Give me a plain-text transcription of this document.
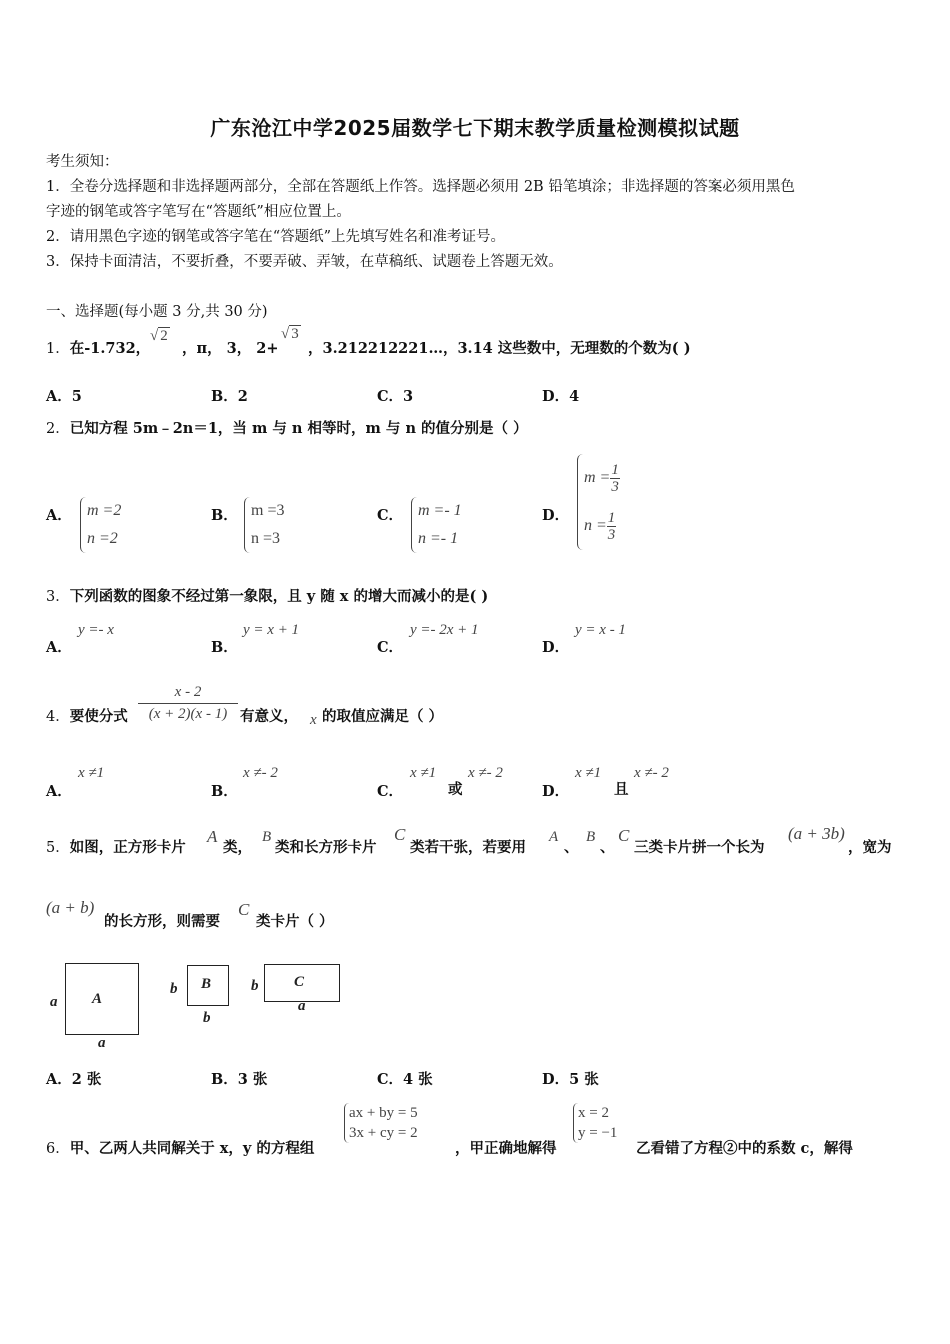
广东沧江中学2025届数学七下期末教学质量检测模拟试题
考生须知：
1．全卷分选择题和非选择题两部分，全部在答题纸上作答。选择题必须用 2B 铅笔填涂；非选择题的答案必须用黑色
字迹的钢笔或答字笔写在“答题纸”相应位置上。
2．请用黑色字迹的钢笔或答字笔在“答题纸”上先填写姓名和准考证号。
3．保持卡面清洁，不要折叠，不要弄破、弄皱，在草稿纸、试题卷上答题无效。
一、选择题(每小题 3 分,共 30 分)
1．在-1.732，
√ 2
，π， 3， 2+
√ 3
，3.212212221…，3.14 这些数中，无理数的个数为( )
A．5	B．2	C．3	D．4
2．已知方程 5m﹣2n＝1，当 m 与 n 相等时，m 与 n 的值分别是（ ）
A． m =2
n =2
B． m =3
n =3
C． m =- 1
n =- 1
D．
$m = \frac{1}{3}$
$n = \frac{1}{3}$
3．下列函数的图象不经过第一象限，且 y 随 x 的增大而减小的是( )
A．
y =- x
B．
y = x + 1
C．
y =- 2x + 1
D．
y = x - 1
4．要使分式 $\frac{x - 2}{(x + 2)(x - 1)}$ 有意义， x 的取值应满足（ ）
A．
x ≠1
B．
x ≠- 2
C．
x ≠1
或
x ≠- 2
D．
x ≠1
且
x ≠- 2
5．如图，正方形卡片
A
类，
B
类和长方形卡片
C
类若干张，若要用
A
、
B
、
C
三类卡片拼一个长为
(a + 3b)
，宽为
(a + b)
的长方形，则需要
C
类卡片（ ）
A
a
a
B
b
b
C
b
a
A．2 张	B．3 张	C．4 张	D．5 张
6．甲、乙两人共同解关于 x，y 的方程组
ax + by = 5
3x + cy = 2
，甲正确地解得
x = 2
y = −1
乙看错了方程②中的系数 c，解得
